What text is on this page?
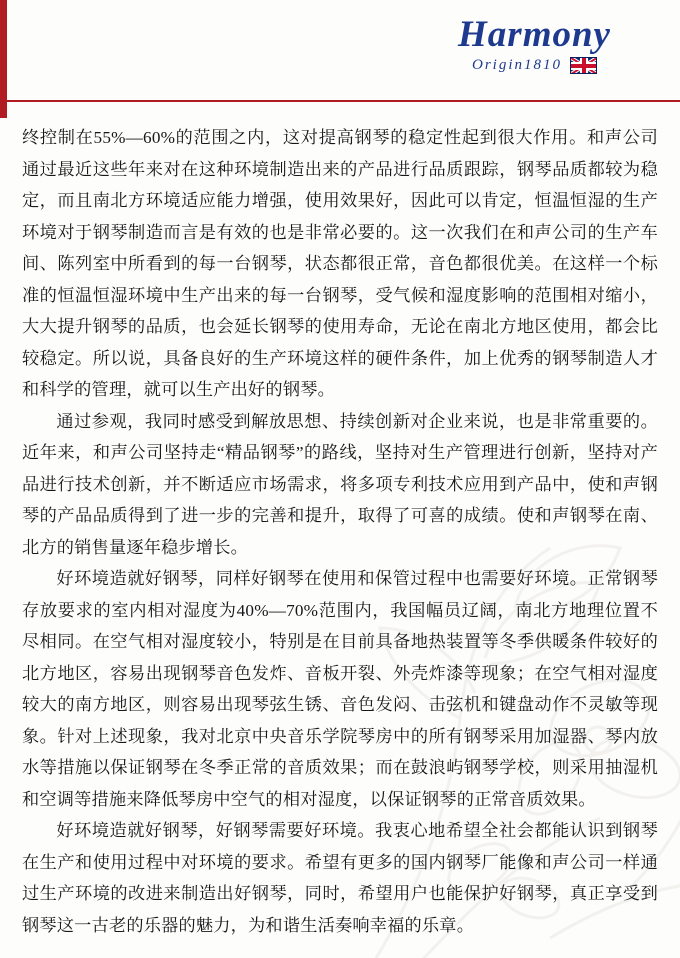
Harmony
Origin1810

终控制在55%—60%的范围之内，这对提高钢琴的稳定性起到很大作用。和声公司通过最近这些年来对在这种环境制造出来的产品进行品质跟踪，钢琴品质都较为稳定，而且南北方环境适应能力增强，使用效果好，因此可以肯定，恒温恒湿的生产环境对于钢琴制造而言是有效的也是非常必要的。这一次我们在和声公司的生产车间、陈列室中所看到的每一台钢琴，状态都很正常，音色都很优美。在这样一个标准的恒温恒湿环境中生产出来的每一台钢琴，受气候和湿度影响的范围相对缩小，大大提升钢琴的品质，也会延长钢琴的使用寿命，无论在南北方地区使用，都会比较稳定。所以说，具备良好的生产环境这样的硬件条件，加上优秀的钢琴制造人才和科学的管理，就可以生产出好的钢琴。

通过参观，我同时感受到解放思想、持续创新对企业来说，也是非常重要的。近年来，和声公司坚持走“精品钢琴”的路线，坚持对生产管理进行创新，坚持对产品进行技术创新，并不断适应市场需求，将多项专利技术应用到产品中，使和声钢琴的产品品质得到了进一步的完善和提升，取得了可喜的成绩。使和声钢琴在南、北方的销售量逐年稳步增长。

好环境造就好钢琴，同样好钢琴在使用和保管过程中也需要好环境。正常钢琴存放要求的室内相对湿度为40%—70%范围内，我国幅员辽阔，南北方地理位置不尽相同。在空气相对湿度较小，特别是在目前具备地热装置等冬季供暖条件较好的北方地区，容易出现钢琴音色发炸、音板开裂、外壳炸漆等现象；在空气相对湿度较大的南方地区，则容易出现琴弦生锈、音色发闷、击弦机和键盘动作不灵敏等现象。针对上述现象，我对北京中央音乐学院琴房中的所有钢琴采用加湿器、琴内放水等措施以保证钢琴在冬季正常的音质效果；而在鼓浪屿钢琴学校，则采用抽湿机和空调等措施来降低琴房中空气的相对湿度，以保证钢琴的正常音质效果。

好环境造就好钢琴，好钢琴需要好环境。我衷心地希望全社会都能认识到钢琴在生产和使用过程中对环境的要求。希望有更多的国内钢琴厂能像和声公司一样通过生产环境的改进来制造出好钢琴，同时，希望用户也能保护好钢琴，真正享受到钢琴这一古老的乐器的魅力，为和谐生活奏响幸福的乐章。
